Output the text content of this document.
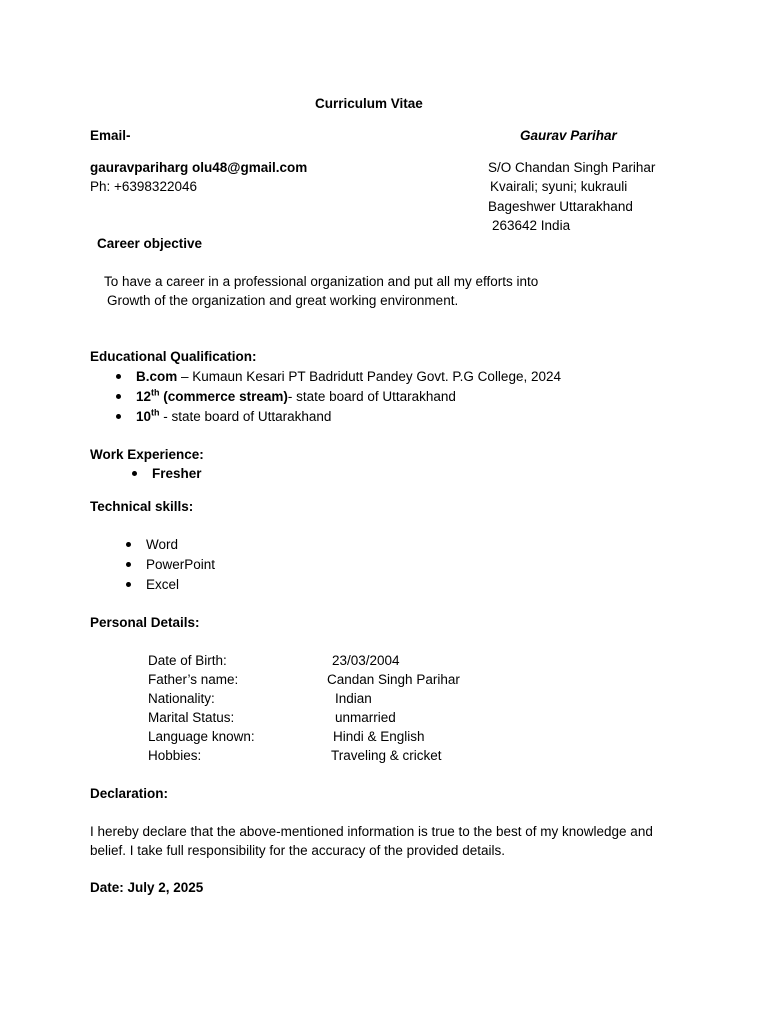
Curriculum Vitae
Email-
gauravpariharg olu48@gmail.com
Ph: +6398322046
Gaurav Parihar
S/O Chandan Singh Parihar
Kvairali; syuni; kukrauli
Bageshwer Uttarakhand
263642 India
Career objective
To have a career in a professional organization and put all my efforts into
Growth of the organization and great working environment.
Educational Qualification:
B.com – Kumaun Kesari PT Badridutt Pandey Govt. P.G College, 2024
12th (commerce stream)- state board of Uttarakhand
10th - state board of Uttarakhand
Work Experience:
Fresher
Technical skills:
Word
PowerPoint
Excel
Personal Details:
Date of Birth:	23/03/2004
Father’s name:	Candan Singh Parihar
Nationality:	Indian
Marital Status:	unmarried
Language known:	Hindi & English
Hobbies:	Traveling & cricket
Declaration:
I hereby declare that the above-mentioned information is true to the best of my knowledge and
belief. I take full responsibility for the accuracy of the provided details.
Date: July 2, 2025
